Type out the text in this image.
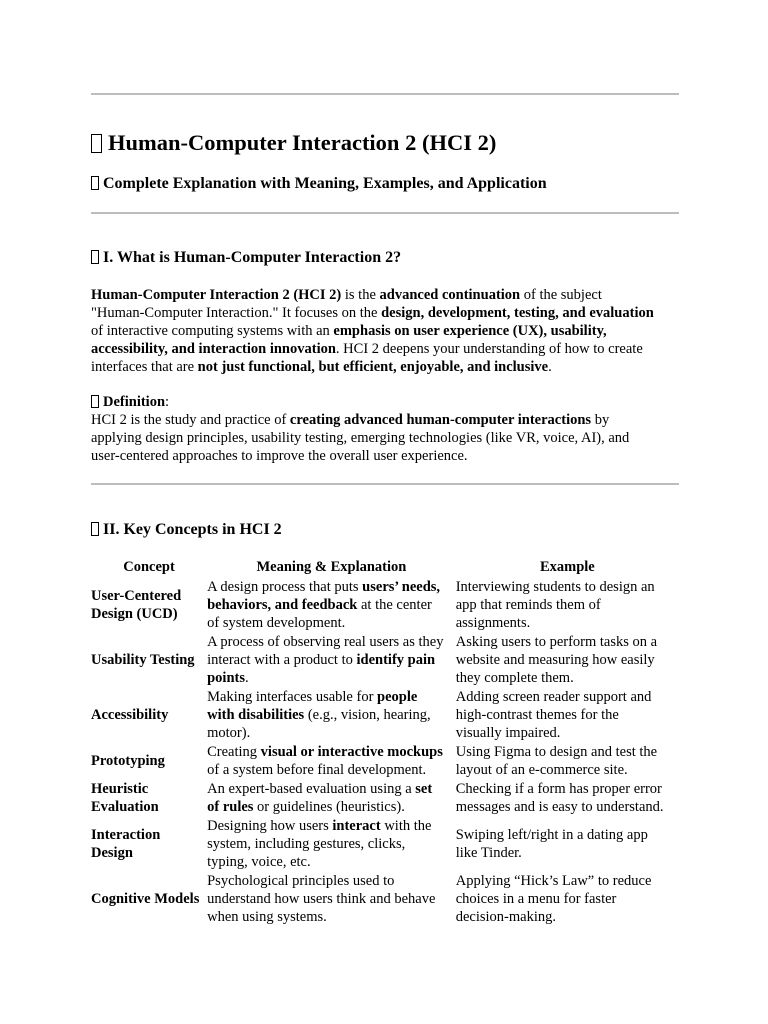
Human-Computer Interaction 2 (HCI 2)
Complete Explanation with Meaning, Examples, and Application
I. What is Human-Computer Interaction 2?
Human-Computer Interaction 2 (HCI 2) is the advanced continuation of the subject
"Human-Computer Interaction." It focuses on the design, development, testing, and evaluation
of interactive computing systems with an emphasis on user experience (UX), usability,
accessibility, and interaction innovation. HCI 2 deepens your understanding of how to create
interfaces that are not just functional, but efficient, enjoyable, and inclusive.
Definition:
HCI 2 is the study and practice of creating advanced human-computer interactions by
applying design principles, usability testing, emerging technologies (like VR, voice, AI), and
user-centered approaches to improve the overall user experience.
II. Key Concepts in HCI 2
Concept	Meaning & Explanation	Example

User-Centered
Design (UCD)	A design process that puts users’ needs,
behaviors, and feedback at the center
of system development.	Interviewing students to design an
app that reminds them of
assignments.

Usability Testing	A process of observing real users as they
interact with a product to identify pain
points.	Asking users to perform tasks on a
website and measuring how easily
they complete them.

Accessibility	Making interfaces usable for people
with disabilities (e.g., vision, hearing,
motor).	Adding screen reader support and
high-contrast themes for the
visually impaired.

Prototyping	Creating visual or interactive mockups
of a system before final development.	Using Figma to design and test the
layout of an e-commerce site.

Heuristic
Evaluation	An expert-based evaluation using a set
of rules or guidelines (heuristics).	Checking if a form has proper error
messages and is easy to understand.

Interaction
Design	Designing how users interact with the
system, including gestures, clicks,
typing, voice, etc.	Swiping left/right in a dating app
like Tinder.

Cognitive Models	Psychological principles used to
understand how users think and behave
when using systems.	Applying “Hick’s Law” to reduce
choices in a menu for faster
decision-making.
